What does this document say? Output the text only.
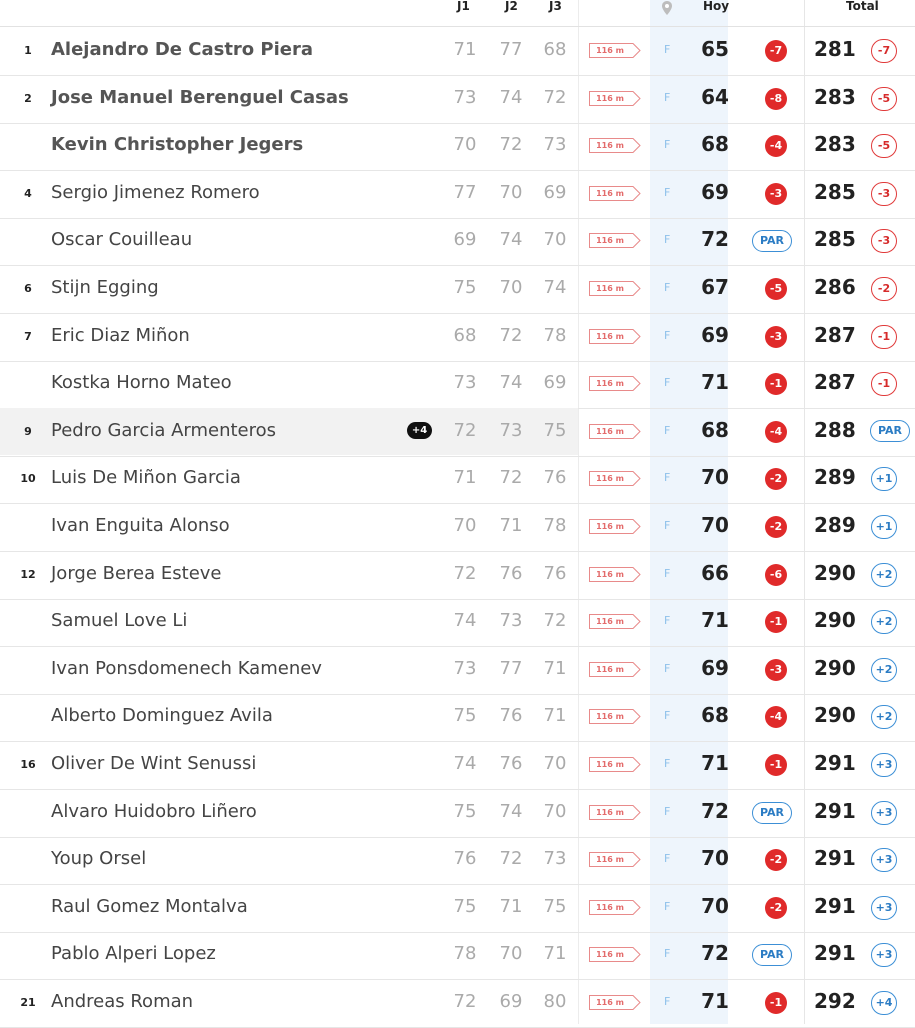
J1	J2	J3	Hoy	Total
1 Alejandro De Castro Piera	71 77 68	116 m	F 65	-7 281	-7
2 Jose Manuel Berenguel Casas	73 74 72	116 m	F 64	-8 283	-5
Kevin Christopher Jegers	70 72 73	116 m	F 68	-4 283	-5
4 Sergio Jimenez Romero	77 70 69	116 m	F 69	-3 285	-3
Oscar Couilleau	69 74 70	116 m	F 72	PAR	285	-3
6 Stijn Egging	75 70 74	116 m	F 67	-5 286	-2
7 Eric Diaz Miñon	68 72 78	116 m	F 69	-3 287	-1
Kostka Horno Mateo	73 74 69	116 m	F 71	-1 287	-1
9 Pedro Garcia Armenteros	+4 72 73 75	116 m	F 68	-4 288	PAR
10 Luis De Miñon Garcia	71 72 76	116 m	F 70	-2 289	+1
Ivan Enguita Alonso	70 71 78	116 m	F 70	-2 289	+1
12 Jorge Berea Esteve	72 76 76	116 m	F 66	-6 290	+2
Samuel Love Li	74 73 72	116 m	F 71	-1 290	+2
Ivan Ponsdomenech Kamenev	73 77 71	116 m	F 69	-3 290	+2
Alberto Dominguez Avila	75 76 71	116 m	F 68	-4 290	+2
16 Oliver De Wint Senussi	74 76 70	116 m	F 71	-1 291	+3
Alvaro Huidobro Liñero	75 74 70	116 m	F 72	PAR	291	+3
Youp Orsel	76 72 73	116 m	F 70	-2 291	+3
Raul Gomez Montalva	75 71 75	116 m	F 70	-2 291	+3
Pablo Alperi Lopez	78 70 71	116 m	F 72	PAR	291	+3
21 Andreas Roman	72 69 80	116 m	F 71	-1 292	+4
